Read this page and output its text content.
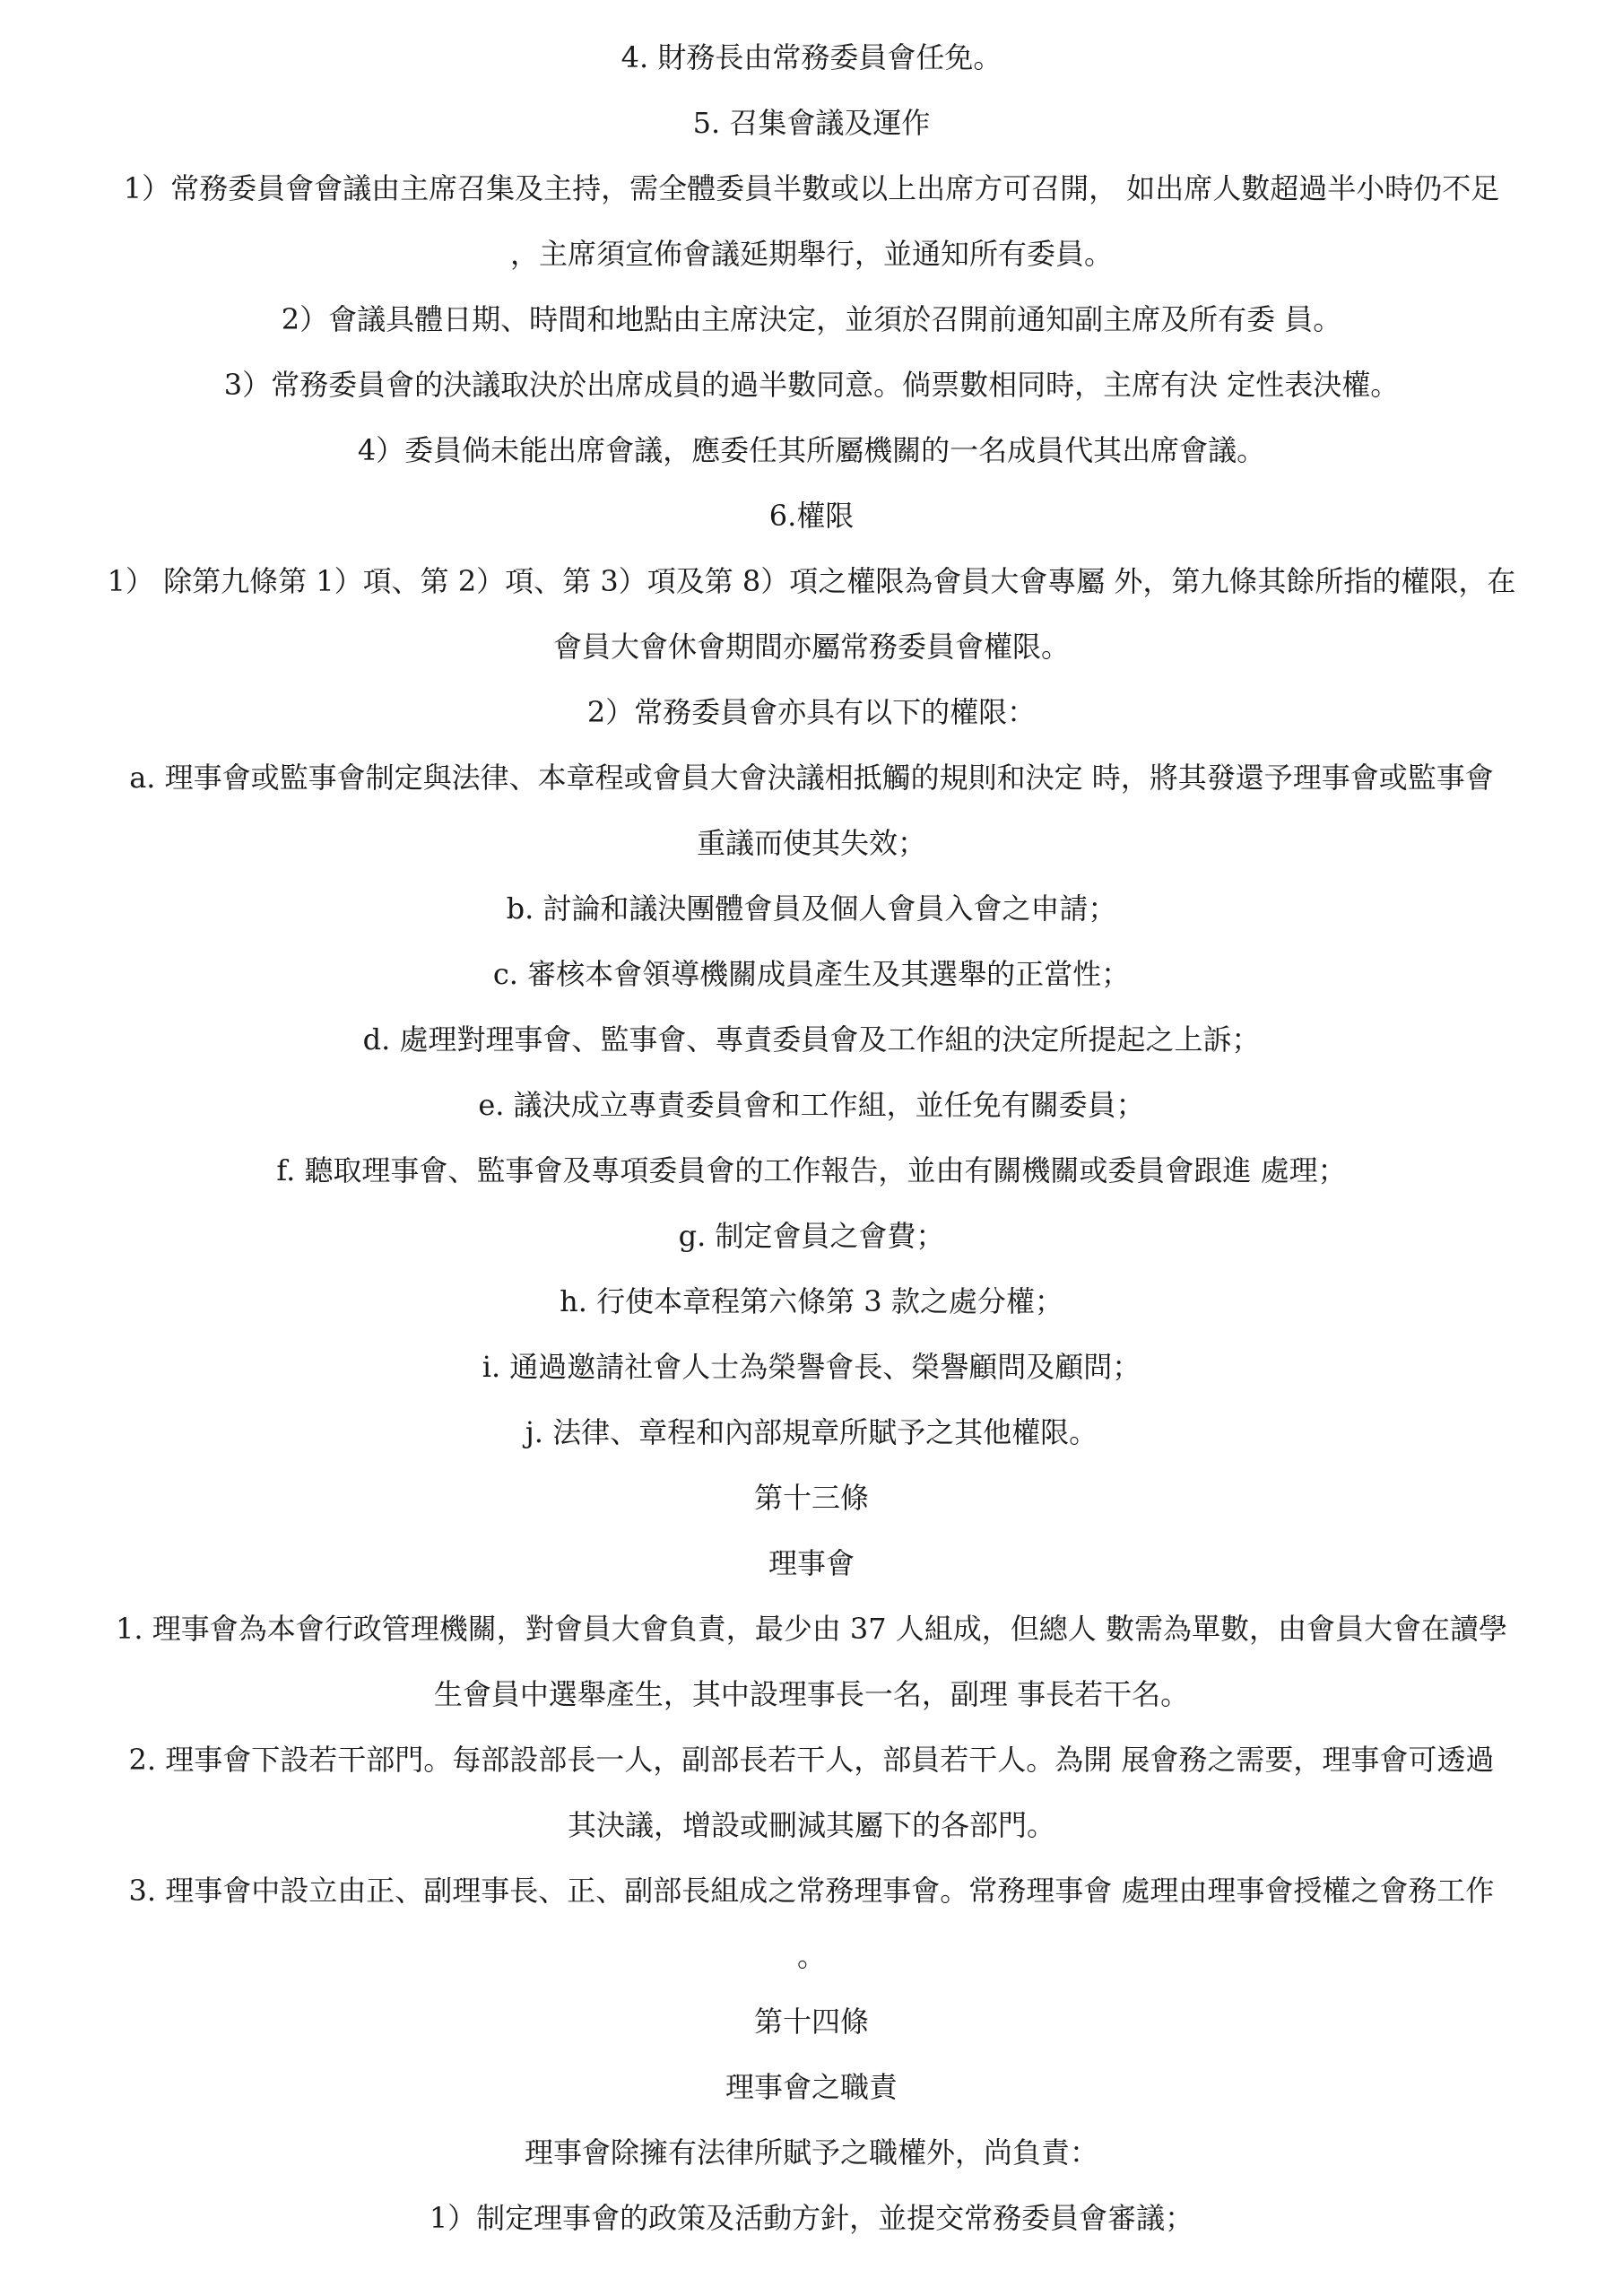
4. 財務長由常務委員會任免。

5. 召集會議及運作

1）常務委員會會議由主席召集及主持，需全體委員半數或以上出席方可召開， 如出席人數超過半小時仍不足

，主席須宣佈會議延期舉行，並通知所有委員。

2）會議具體日期、時間和地點由主席決定，並須於召開前通知副主席及所有委 員。

3）常務委員會的決議取決於出席成員的過半數同意。倘票數相同時，主席有決 定性表決權。

4）委員倘未能出席會議，應委任其所屬機關的一名成員代其出席會議。

6.權限

1） 除第九條第 1）項、第 2）項、第 3）項及第 8）項之權限為會員大會專屬 外，第九條其餘所指的權限，在

會員大會休會期間亦屬常務委員會權限。

2）常務委員會亦具有以下的權限：

a. 理事會或監事會制定與法律、本章程或會員大會決議相抵觸的規則和決定 時，將其發還予理事會或監事會

重議而使其失效；

b. 討論和議決團體會員及個人會員入會之申請；

c. 審核本會領導機關成員產生及其選舉的正當性；

d. 處理對理事會、監事會、專責委員會及工作組的決定所提起之上訴；

e. 議決成立專責委員會和工作組，並任免有關委員；

f. 聽取理事會、監事會及專項委員會的工作報告，並由有關機關或委員會跟進 處理；

g. 制定會員之會費；

h. 行使本章程第六條第 3 款之處分權；

i. 通過邀請社會人士為榮譽會長、榮譽顧問及顧問；

j. 法律、章程和內部規章所賦予之其他權限。

第十三條

理事會

1. 理事會為本會行政管理機關，對會員大會負責，最少由 37 人組成，但總人 數需為單數，由會員大會在讀學

生會員中選舉產生，其中設理事長一名，副理 事長若干名。

2. 理事會下設若干部門。每部設部長一人，副部長若干人，部員若干人。為開 展會務之需要，理事會可透過

其決議，增設或刪減其屬下的各部門。

3. 理事會中設立由正、副理事長、正、副部長組成之常務理事會。常務理事會 處理由理事會授權之會務工作

。

第十四條

理事會之職責

理事會除擁有法律所賦予之職權外，尚負責：

1）制定理事會的政策及活動方針，並提交常務委員會審議；
